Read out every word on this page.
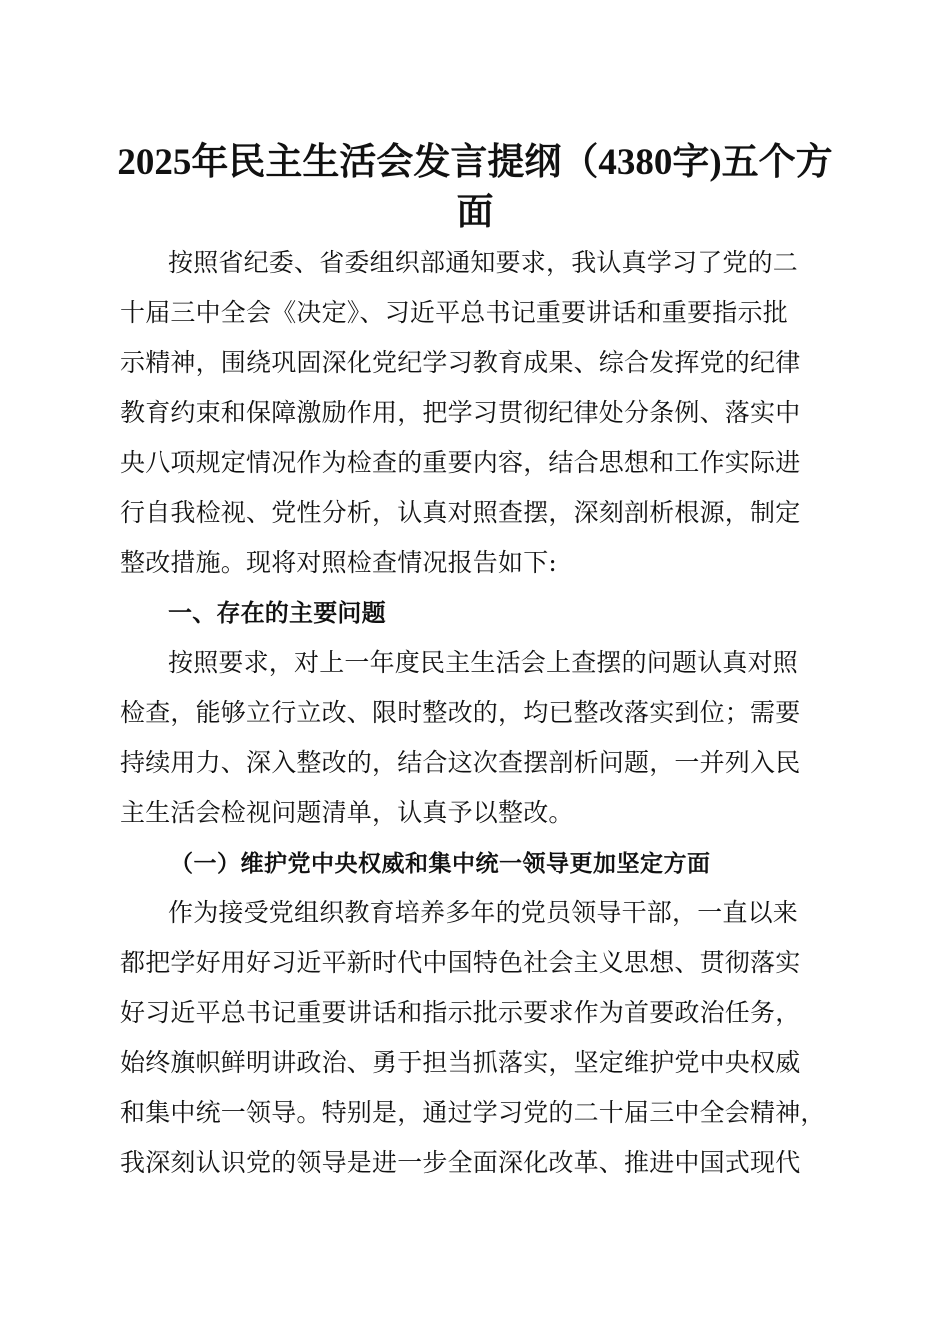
2025年民主生活会发言提纲（4380字)五个方
面

按照省纪委、省委组织部通知要求，我认真学习了党的二

十届三中全会《决定》、习近平总书记重要讲话和重要指示批

示精神，围绕巩固深化党纪学习教育成果、综合发挥党的纪律

教育约束和保障激励作用，把学习贯彻纪律处分条例、落实中

央八项规定情况作为检查的重要内容，结合思想和工作实际进

行自我检视、党性分析，认真对照查摆，深刻剖析根源，制定

整改措施。现将对照检查情况报告如下:

一、存在的主要问题

按照要求，对上一年度民主生活会上查摆的问题认真对照

检查，能够立行立改、限时整改的，均已整改落实到位；需要

持续用力、深入整改的，结合这次查摆剖析问题，一并列入民

主生活会检视问题清单，认真予以整改。

（一）维护党中央权威和集中统一领导更加坚定方面

作为接受党组织教育培养多年的党员领导干部，一直以来

都把学好用好习近平新时代中国特色社会主义思想、贯彻落实

好习近平总书记重要讲话和指示批示要求作为首要政治任务，

始终旗帜鲜明讲政治、勇于担当抓落实，坚定维护党中央权威

和集中统一领导。特别是，通过学习党的二十届三中全会精神，

我深刻认识党的领导是进一步全面深化改革、推进中国式现代
